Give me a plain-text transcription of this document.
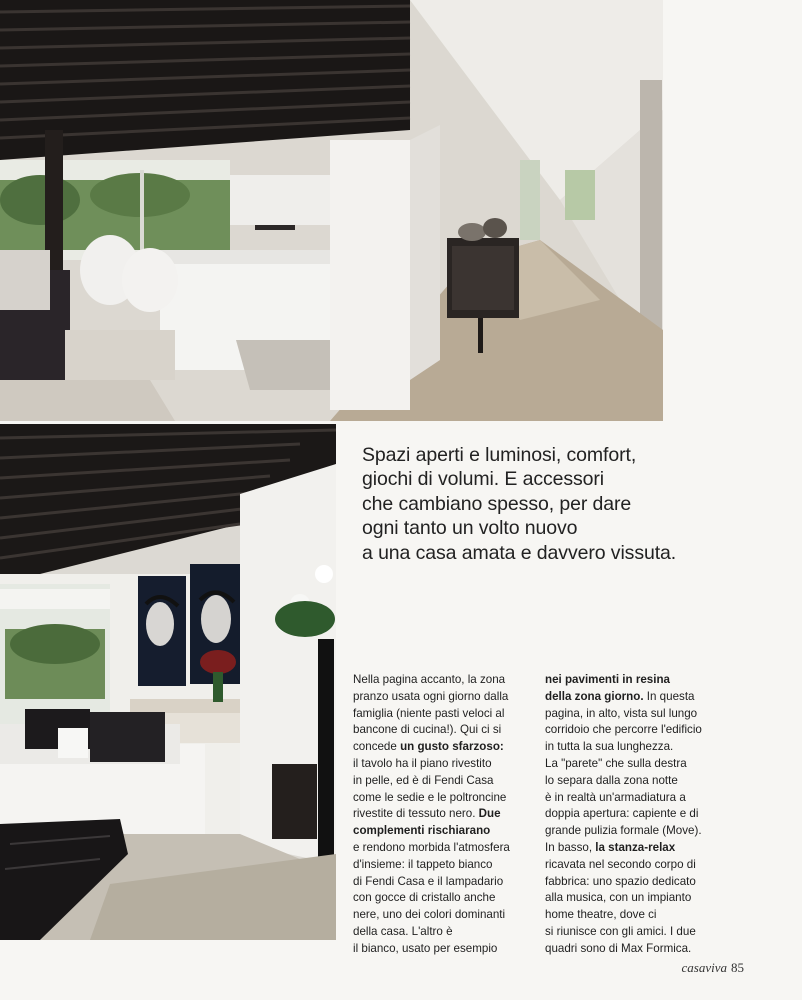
Spazi aperti e luminosi, comfort,

giochi di volumi. E accessori

che cambiano spesso, per dare

ogni tanto un volto nuovo

a una casa amata e davvero vissuta.

Nella pagina accanto, la zona

pranzo usata ogni giorno dalla

famiglia (niente pasti veloci al

bancone di cucina!). Qui ci si

concede un gusto sfarzoso:

il tavolo ha il piano rivestito

in pelle, ed è di Fendi Casa

come le sedie e le poltroncine

rivestite di tessuto nero. Due

complementi rischiarano

e rendono morbida l'atmosfera

d'insieme: il tappeto bianco

di Fendi Casa e il lampadario

con gocce di cristallo anche

nere, uno dei colori dominanti

della casa. L'altro è

il bianco, usato per esempio

nei pavimenti in resina

della zona giorno. In questa

pagina, in alto, vista sul lungo

corridoio che percorre l'edificio

in tutta la sua lunghezza.

La "parete" che sulla destra

lo separa dalla zona notte

è in realtà un'armadiatura a

doppia apertura: capiente e di

grande pulizia formale (Move).

In basso, la stanza-relax

ricavata nel secondo corpo di

fabbrica: uno spazio dedicato

alla musica, con un impianto

home theatre, dove ci

si riunisce con gli amici. I due

quadri sono di Max Formica.

casaviva 85
